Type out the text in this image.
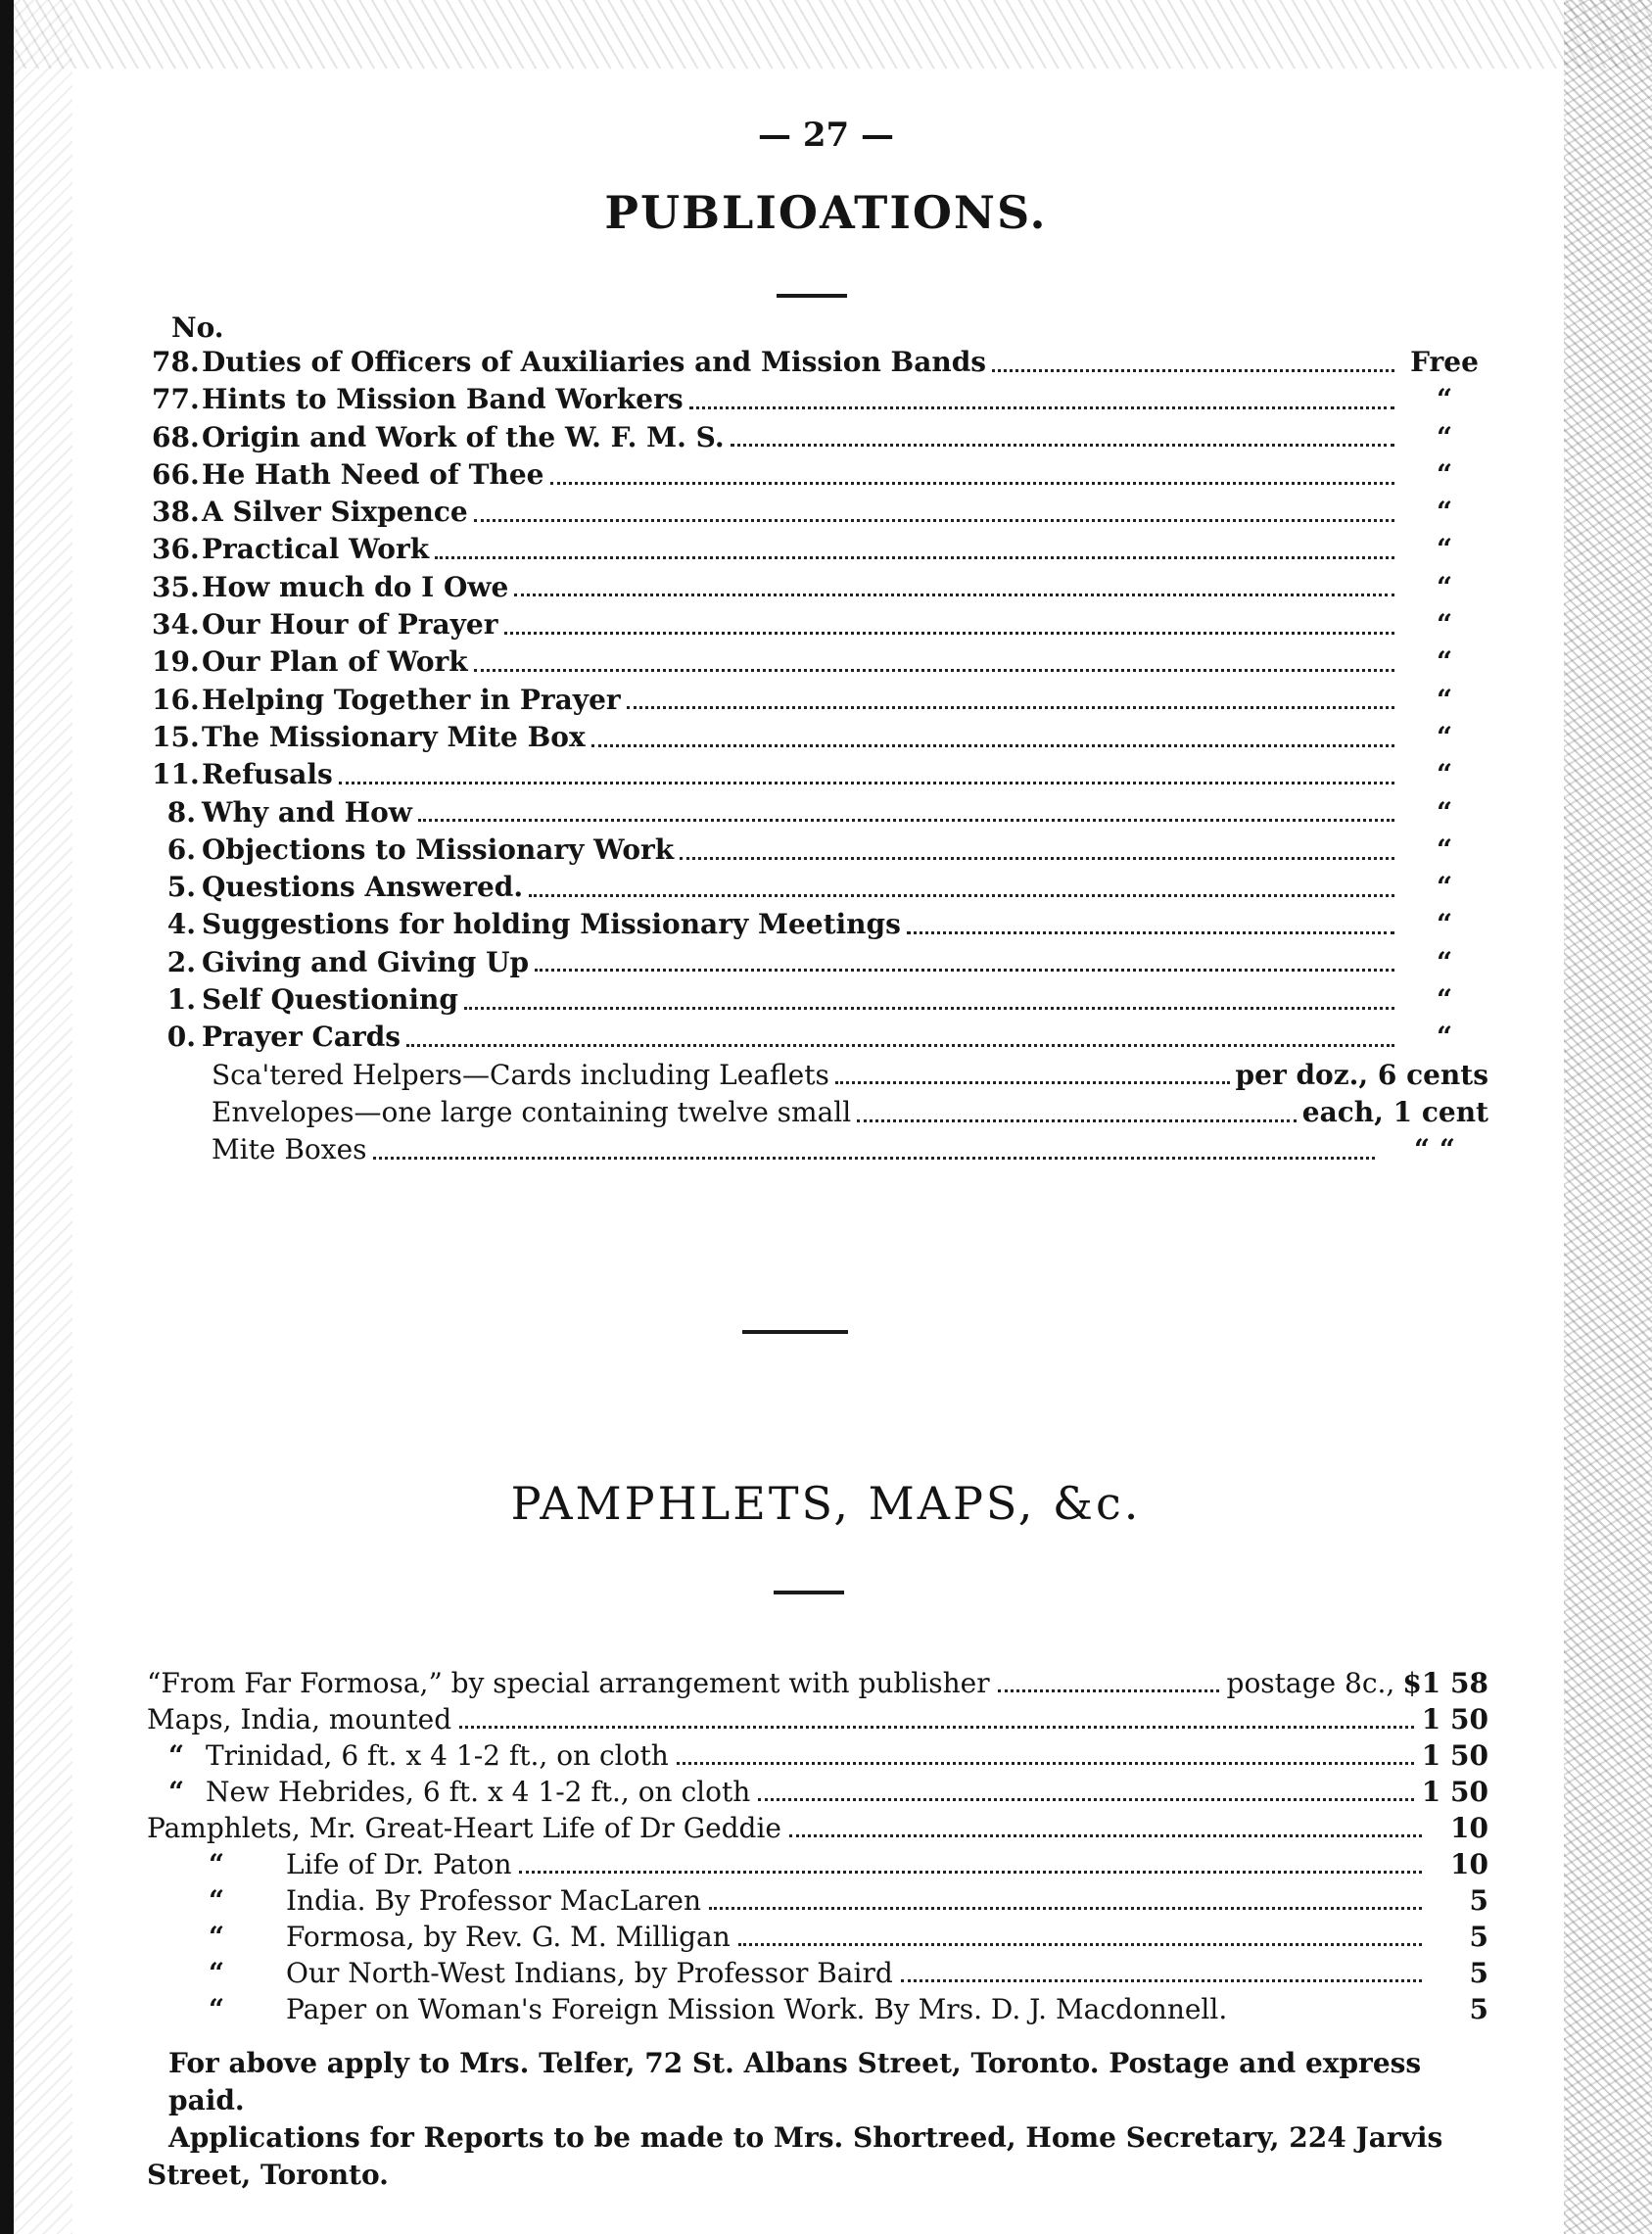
— 27 —
PUBLIOATIONS.
No.
78. Duties of Officers of Auxiliaries and Mission Bands	Free
77. Hints to Mission Band Workers	“
68. Origin and Work of the W. F. M. S.	“
66. He Hath Need of Thee	“
38. A Silver Sixpence	“
36. Practical Work	“
35. How much do I Owe	“
34. Our Hour of Prayer	“
19. Our Plan of Work	“
16. Helping Together in Prayer	“
15. The Missionary Mite Box	“
11. Refusals	“
8. Why and How	“
6. Objections to Missionary Work	“
5. Questions Answered.	“
4. Suggestions for holding Missionary Meetings	“
2. Giving and Giving Up	“
1. Self Questioning	“
0. Prayer Cards	“
Sca'tered Helpers—Cards including Leaflets	per doz., 6 cents
Envelopes—one large containing twelve small	each, 1 cent
Mite Boxes	“ “
PAMPHLETS, MAPS, &c.
“From Far Formosa,” by special arrangement with publisher	postage 8c., $1 58
Maps, India, mounted	1 50
“ Trinidad, 6 ft. x 4 1-2 ft., on cloth	1 50
“ New Hebrides, 6 ft. x 4 1-2 ft., on cloth	1 50
Pamphlets, Mr. Great-Heart Life of Dr Geddie	10
“	Life of Dr. Paton	10
“	India. By Professor MacLaren	5
“	Formosa, by Rev. G. M. Milligan	5
“	Our North-West Indians, by Professor Baird	5
“	Paper on Woman's Foreign Mission Work. By Mrs. D. J. Macdonnell.	5

For above apply to Mrs. Telfer, 72 St. Albans Street, Toronto. Postage and express paid.

Applications for Reports to be made to Mrs. Shortreed, Home Secretary, 224 Jarvis

Street, Toronto.
